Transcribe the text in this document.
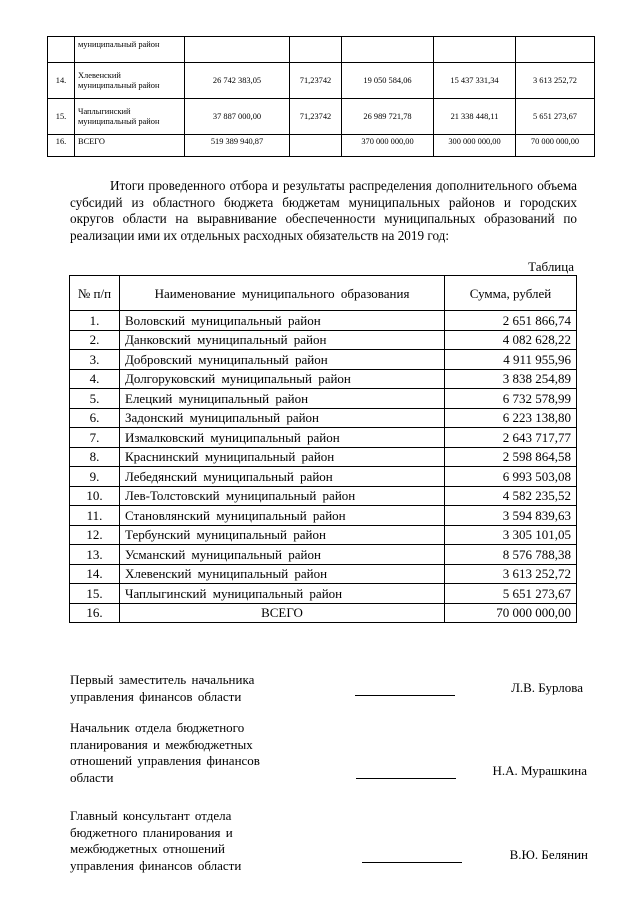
	муниципальный район					
14.	Хлевенский муниципальный район	26 742 383,05	71,23742	19 050 584,06	15 437 331,34	3 613 252,72
15.	Чаплыгинский муниципальный район	37 887 000,00	71,23742	26 989 721,78	21 338 448,11	5 651 273,67
16.	ВСЕГО	519 389 940,87		370 000 000,00	300 000 000,00	70 000 000,00

Итоги проведенного отбора и результаты распределения дополнительного объема субсидий из областного бюджета бюджетам муниципальных районов и городских округов области на выравнивание обеспеченности муниципальных образований по реализации ими их отдельных расходных обязательств на 2019 год:

Таблица
№ п/п	Наименование муниципального образования	Сумма, рублей
1.	Воловский муниципальный район	2 651 866,74
2.	Данковский муниципальный район	4 082 628,22
3.	Добровский муниципальный район	4 911 955,96
4.	Долгоруковский муниципальный район	3 838 254,89
5.	Елецкий муниципальный район	6 732 578,99
6.	Задонский муниципальный район	6 223 138,80
7.	Измалковский муниципальный район	2 643 717,77
8.	Краснинский муниципальный район	2 598 864,58
9.	Лебедянский муниципальный район	6 993 503,08
10.	Лев-Толстовский муниципальный район	4 582 235,52
11.	Становлянский муниципальный район	3 594 839,63
12.	Тербунский муниципальный район	3 305 101,05
13.	Усманский муниципальный район	8 576 788,38
14.	Хлевенский муниципальный район	3 613 252,72
15.	Чаплыгинский муниципальный район	5 651 273,67
16.	ВСЕГО	70 000 000,00
Первый заместитель начальника
управления финансов области
Л.В. Бурлова
Начальник отдела бюджетного
планирования и межбюджетных
отношений управления финансов
области	Н.А. Мурашкина
Главный консультант отдела
бюджетного планирования и
межбюджетных отношений
управления финансов области
В.Ю. Белянин
